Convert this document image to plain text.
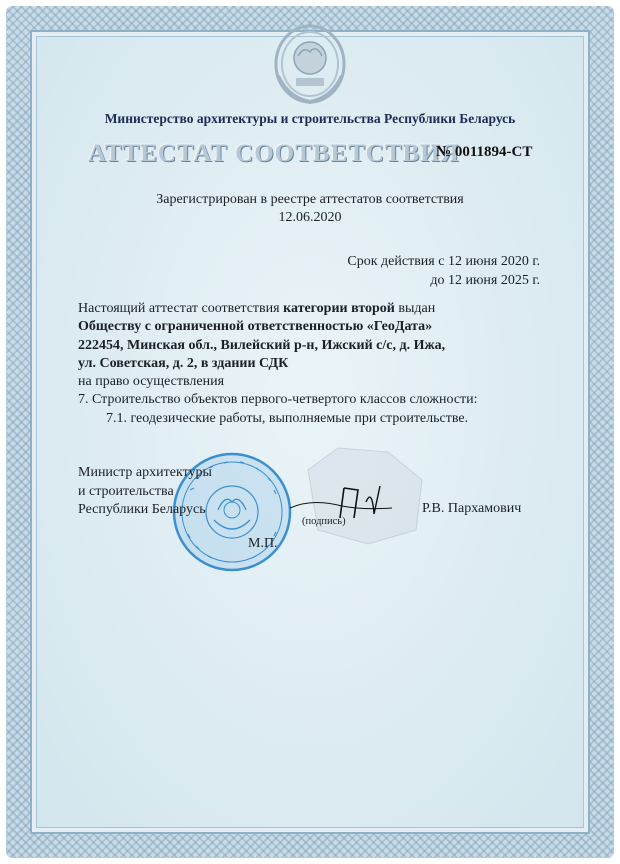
Министерство архитектуры и строительства Республики Беларусь
АТТЕСТАТ СООТВЕТСТВИЯ
№ 0011894-СТ
Зарегистрирован в реестре аттестатов соответствия
12.06.2020
Срок действия с 12 июня 2020 г.
до 12 июня 2025 г.
Настоящий аттестат соответствия категории второй выдан
Обществу с ограниченной ответственностью «ГеоДата»
222454, Минская обл., Вилейский р-н, Ижский с/с, д. Ижа,
ул. Советская, д. 2, в здании СДК
на право осуществления
7. Строительство объектов первого-четвертого классов сложности:
7.1. геодезические работы, выполняемые при строительстве.
Министр архитектуры
и строительства
Республики Беларусь
(подпись)
Р.В. Пархамович
М.П.
